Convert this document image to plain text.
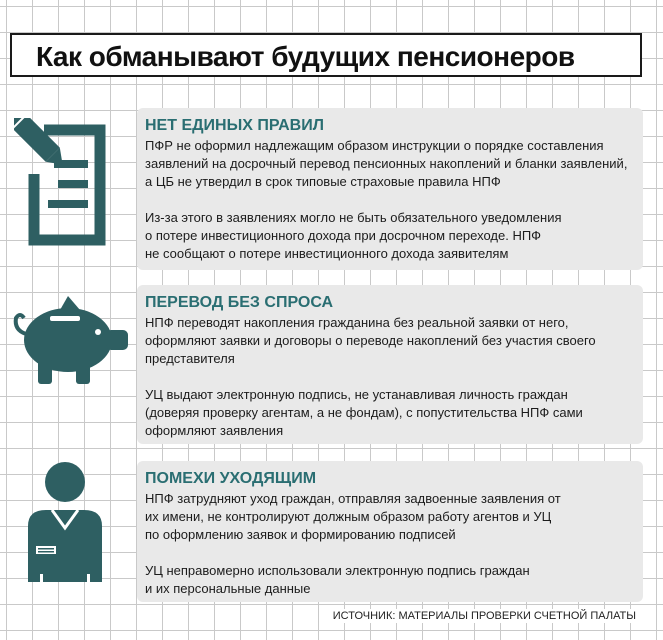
Как обманывают будущих пенсионеров
НЕТ ЕДИНЫХ ПРАВИЛ
ПФР не оформил надлежащим образом инструкции о порядке составления
заявлений на досрочный перевод пенсионных накоплений и бланки заявлений,
а ЦБ не утвердил в срок типовые страховые правила НПФ
Из-за этого в заявлениях могло не быть обязательного уведомления
о потере инвестиционного дохода при досрочном переходе. НПФ
не сообщают о потере инвестиционного дохода заявителям
ПЕРЕВОД БЕЗ СПРОСА
НПФ переводят накопления гражданина без реальной заявки от него,
оформляют заявки и договоры о переводе накоплений без участия своего
представителя
УЦ выдают электронную подпись, не устанавливая личность граждан
(доверяя проверку агентам, а не фондам), с попустительства НПФ сами
оформляют заявления
ПОМЕХИ УХОДЯЩИМ
НПФ затрудняют уход граждан, отправляя задвоенные заявления от
их имени, не контролируют должным образом работу агентов и УЦ
по оформлению заявок и формированию подписей
УЦ неправомерно использовали электронную подпись граждан
и их персональные данные
ИСТОЧНИК: МАТЕРИАЛЫ ПРОВЕРКИ СЧЕТНОЙ ПАЛАТЫ
